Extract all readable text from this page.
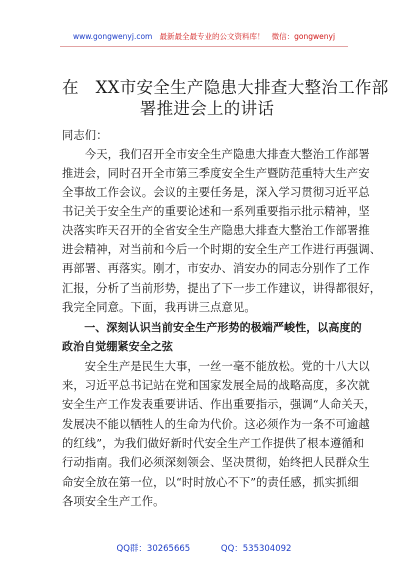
www.gongwenyj.com 最新最全最专业的公文资料库！ 微信：gongwenyj
在　XX市安全生产隐患大排查大整治工作部
署推进会上的讲话
同志们：
　　今天，我们召开全市安全生产隐患大排查大整治工作部署
推进会，同时召开全市第三季度安全生产暨防范重特大生产安
全事故工作会议。会议的主要任务是，深入学习贯彻习近平总
书记关于安全生产的重要论述和一系列重要指示批示精神，坚
决落实昨天召开的全省安全生产隐患大排查大整治工作部署推
进会精神，对当前和今后一个时期的安全生产工作进行再强调、
再部署、再落实。刚才，市安办、消安办的同志分别作了工作
汇报，分析了当前形势，提出了下一步工作建议，讲得都很好，
我完全同意。下面，我再讲三点意见。
　　一、深刻认识当前安全生产形势的极端严峻性，以高度的
政治自觉绷紧安全之弦
　　安全生产是民生大事，一丝一毫不能放松。党的十八大以
来，习近平总书记站在党和国家发展全局的战略高度，多次就
安全生产工作发表重要讲话、作出重要指示，强调“人命关天，
发展决不能以牺牲人的生命为代价。这必须作为一条不可逾越
的红线”，为我们做好新时代安全生产工作提供了根本遵循和
行动指南。我们必须深刻领会、坚决贯彻，始终把人民群众生
命安全放在第一位，以“时时放心不下”的责任感，抓实抓细
各项安全生产工作。
QQ群：30265665	QQ：535304092
